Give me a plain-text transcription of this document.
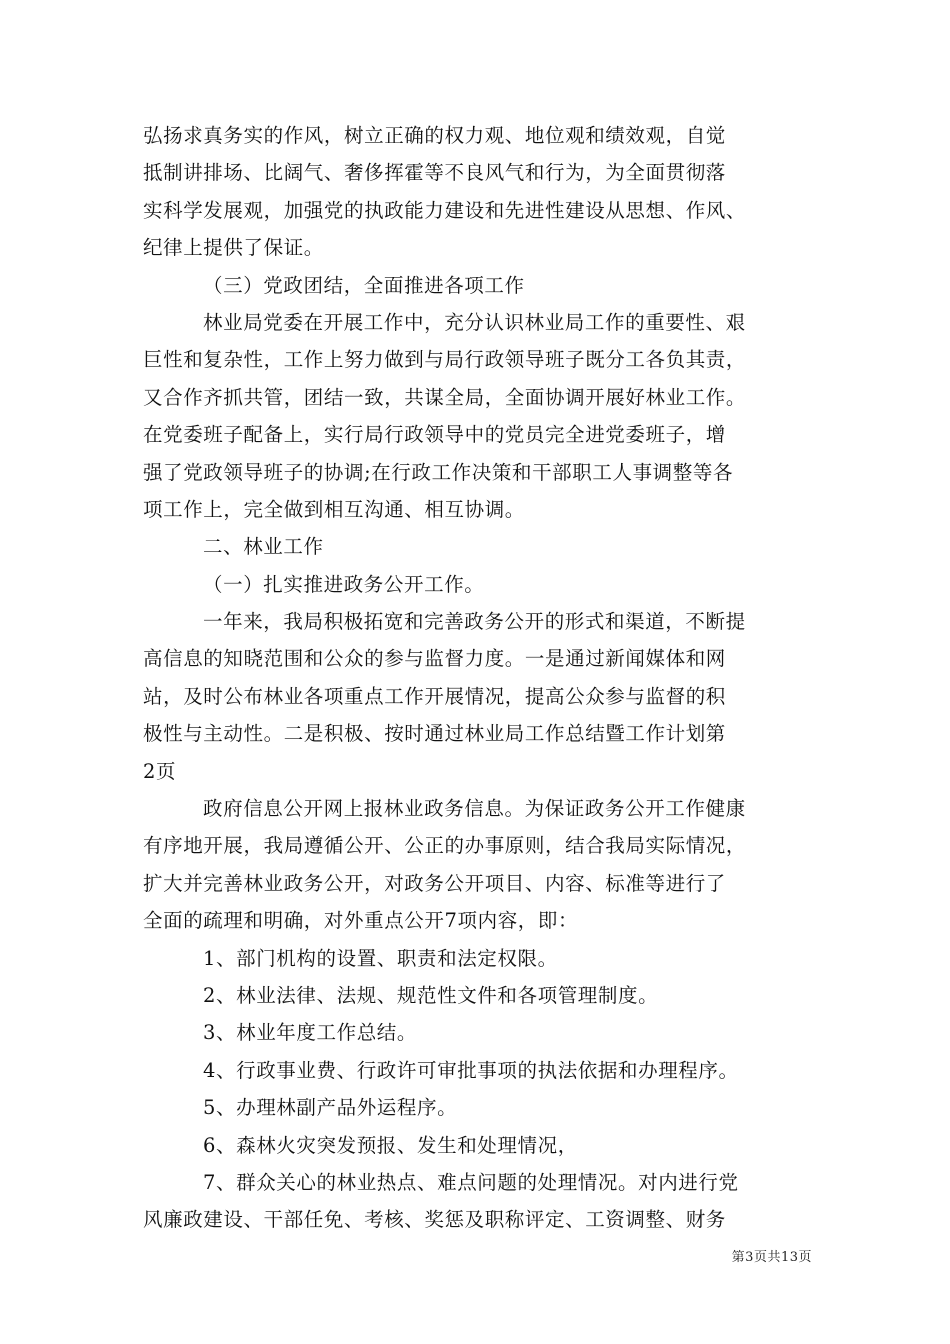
弘扬求真务实的作风，树立正确的权力观、地位观和绩效观，自觉
抵制讲排场、比阔气、奢侈挥霍等不良风气和行为，为全面贯彻落
实科学发展观，加强党的执政能力建设和先进性建设从思想、作风、
纪律上提供了保证。
（三）党政团结，全面推进各项工作
林业局党委在开展工作中，充分认识林业局工作的重要性、艰
巨性和复杂性，工作上努力做到与局行政领导班子既分工各负其责，
又合作齐抓共管，团结一致，共谋全局，全面协调开展好林业工作。
在党委班子配备上，实行局行政领导中的党员完全进党委班子，增
强了党政领导班子的协调;在行政工作决策和干部职工人事调整等各
项工作上，完全做到相互沟通、相互协调。
二、林业工作
（一）扎实推进政务公开工作。
一年来，我局积极拓宽和完善政务公开的形式和渠道，不断提
高信息的知晓范围和公众的参与监督力度。一是通过新闻媒体和网
站，及时公布林业各项重点工作开展情况，提高公众参与监督的积
极性与主动性。二是积极、按时通过林业局工作总结暨工作计划第
2页
政府信息公开网上报林业政务信息。为保证政务公开工作健康
有序地开展，我局遵循公开、公正的办事原则，结合我局实际情况，
扩大并完善林业政务公开，对政务公开项目、内容、标准等进行了
全面的疏理和明确，对外重点公开7项内容，即：
1、部门机构的设置、职责和法定权限。
2、林业法律、法规、规范性文件和各项管理制度。
3、林业年度工作总结。
4、行政事业费、行政许可审批事项的执法依据和办理程序。
5、办理林副产品外运程序。
6、森林火灾突发预报、发生和处理情况，
7、群众关心的林业热点、难点问题的处理情况。对内进行党
风廉政建设、干部任免、考核、奖惩及职称评定、工资调整、财务
第3页共13页
